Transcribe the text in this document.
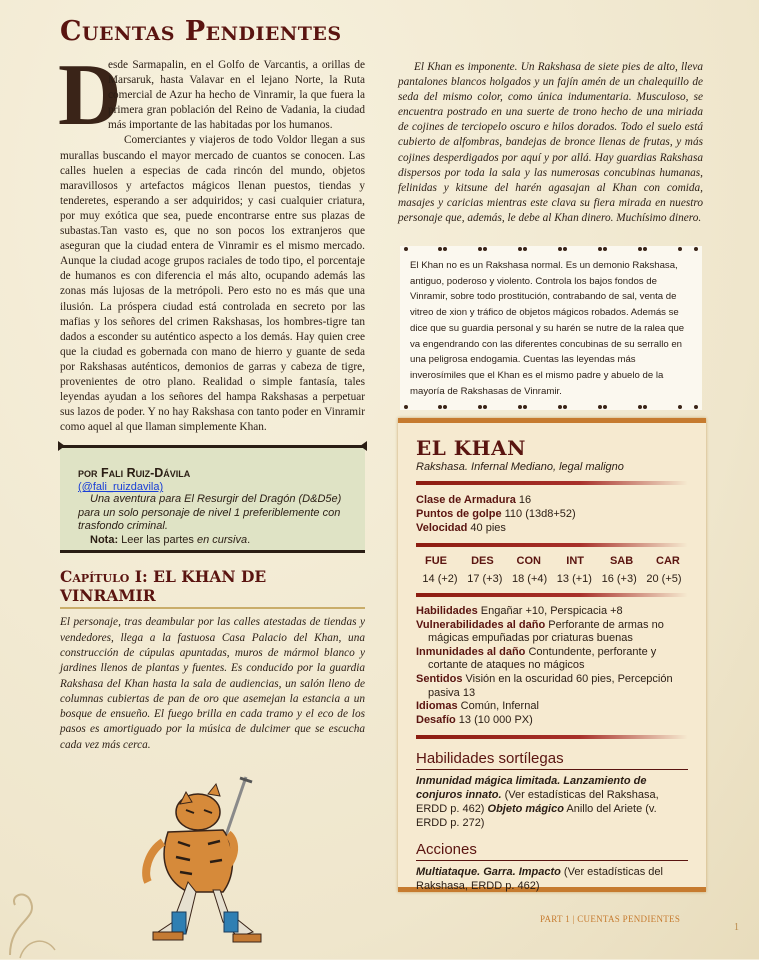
Cuentas Pendientes
D
esde Sarmapalin, en el Golfo de Varcantis, a orillas de Marsaruk, hasta Valavar en el lejano Norte, la Ruta comercial de Azur ha hecho de Vinramir, la que fuera la primera gran población del Reino de Vadania, la ciudad más importante de las habitadas por los humanos.
Comerciantes y viajeros de todo Voldor llegan a sus murallas buscando el mayor mercado de cuantos se conocen. Las calles huelen a especias de cada rincón del mundo, objetos maravillosos y artefactos mágicos llenan puestos, tiendas y tenderetes, esperando a ser adquiridos; y casi cualquier criatura, por muy exótica que sea, puede encontrarse entre sus plazas de subastas.Tan vasto es, que no son pocos los extranjeros que aseguran que la ciudad entera de Vinramir es el mismo mercado. Aunque la ciudad acoge grupos raciales de todo tipo, el porcentaje de humanos es con diferencia el más alto, ocupando además las zonas más lujosas de la metrópoli. Pero esto no es más que una ilusión. La próspera ciudad está controlada en secreto por las mafias y los señores del crimen Rakshasas, los hombres-tigre tan dados a esconder su auténtico aspecto a los demás. Hay quien cree que la ciudad es gobernada con mano de hierro y guante de seda por Rakshasas auténticos, demonios de garras y cabeza de tigre, provenientes de otro plano. Realidad o simple fantasía, tales leyendas ayudan a los señores del hampa Rakshasas a perpetuar sus lazos de poder. Y no hay Rakshasa con tanto poder en Vinramir como aquel al que llaman simplemente Khan.
por Fali Ruiz-Dávila
(@fali_ruizdavila)
Una aventura para El Resurgir del Dragón (D&D5e) para un solo personaje de nivel 1 preferiblemente con trasfondo criminal.
Nota: Leer las partes en cursiva.
Capítulo I: EL KHAN DE VINRAMIR
El personaje, tras deambular por las calles atestadas de tiendas y vendedores, llega a la fastuosa Casa Palacio del Khan, una construcción de cúpulas apuntadas, muros de mármol blanco y jardines llenos de plantas y fuentes. Es conducido por la guardia Rakshasa del Khan hasta la sala de audiencias, un salón lleno de columnas cubiertas de pan de oro que asemejan la estancia a un bosque de ensueño. El fuego brilla en cada tramo y el eco de los pasos es amortiguado por la música de dulcimer que se escucha cada vez más cerca.

El Khan es imponente. Un Rakshasa de siete pies de alto, lleva pantalones blancos holgados y un fajín amén de un chalequillo de seda del mismo color, como única indumentaria. Musculoso, se encuentra postrado en una suerte de trono hecho de una miriada de cojines de terciopelo oscuro e hilos dorados. Todo el suelo está cubierto de alfombras, bandejas de bronce llenas de frutas, y más cojines desperdigados por aquí y por allá. Hay guardias Rakshasa dispersos por toda la sala y las numerosas concubinas humanas, felinidas y kitsune del harén agasajan al Khan con comida, masajes y caricias mientras este clava su fiera mirada en nuestro personaje que, además, le debe al Khan dinero. Muchísimo dinero.

El Khan no es un Rakshasa normal. Es un demonio Rakshasa, antiguo, poderoso y violento. Controla los bajos fondos de Vinramir, sobre todo prostitución, contrabando de sal, venta de vitreo de xion y tráfico de objetos mágicos robados. Además se dice que su guardia personal y su harén se nutre de la ralea que va engendrando con las diferentes concubinas de su serrallo en una peligrosa endogamia. Cuentas las leyendas más inverosímiles que el Khan es el mismo padre y abuelo de la mayoría de Rakshasas de Vinramir.
EL KHAN
Rakshasa. Infernal Mediano, legal maligno
Clase de Armadura 16
Puntos de golpe 110 (13d8+52)
Velocidad 40 pies
FUE	DES	CON	INT	SAB	CAR
14 (+2) 17 (+3) 18 (+4) 13 (+1) 16 (+3) 20 (+5)
Habilidades Engañar +10, Perspicacia +8
Vulnerabilidades al daño Perforante de armas no mágicas empuñadas por criaturas buenas
Inmunidades al daño Contundente, perforante y cortante de ataques no mágicos
Sentidos Visión en la oscuridad 60 pies, Percepción pasiva 13
Idiomas Común, Infernal
Desafío 13 (10 000 PX)
Habilidades sortílegas
Inmunidad mágica limitada. Lanzamiento de conjuros innato. (Ver estadísticas del Rakshasa, ERDD p. 462) Objeto mágico Anillo del Ariete (v. ERDD p. 272)
Acciones
Multiataque. Garra. Impacto (Ver estadísticas del Rakshasa, ERDD p. 462)
PART 1 | CUENTAS PENDIENTES
1
